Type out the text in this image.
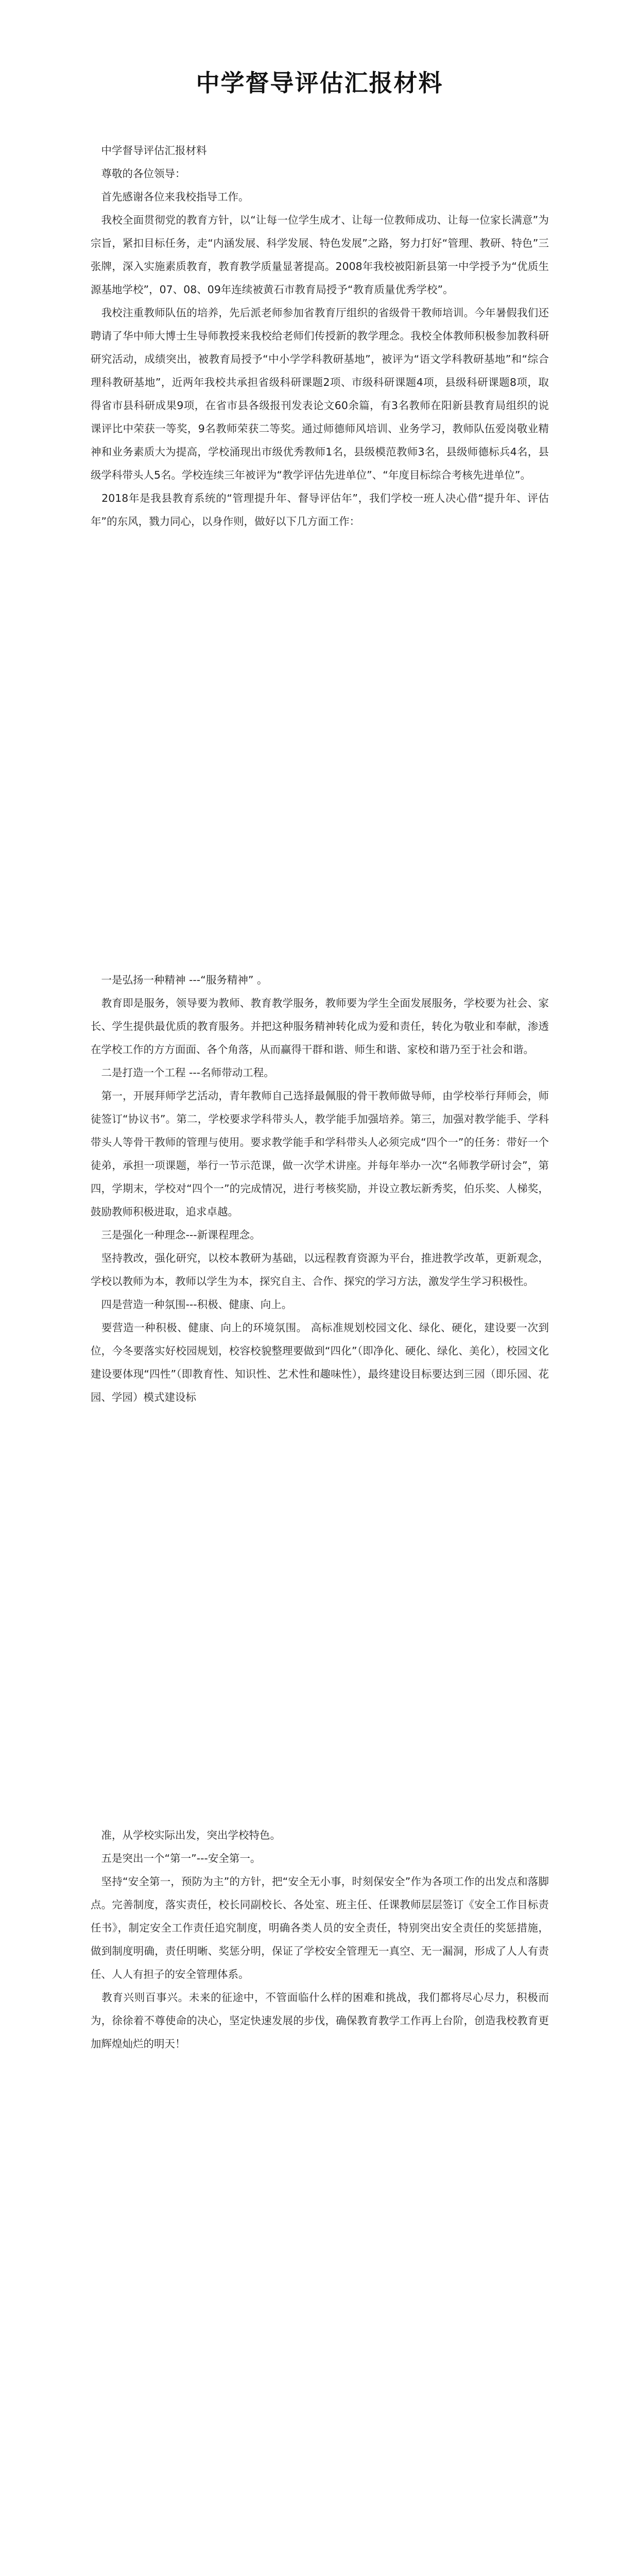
中学督导评估汇报材料

　中学督导评估汇报材料

　尊敬的各位领导：

　首先感谢各位来我校指导工作。

　我校全面贯彻党的教育方针，以“让每一位学生成才、让每一位教师成功、让每一位家长满意”为宗旨，紧扣目标任务，走“内涵发展、科学发展、特色发展”之路，努力打好“管理、教研、特色”三张牌，深入实施素质教育，教育教学质量显著提高。2008年我校被阳新县第一中学授予为“优质生源基地学校”，07、08、09年连续被黄石市教育局授予“教育质量优秀学校”。

　我校注重教师队伍的培养，先后派老师参加省教育厅组织的省级骨干教师培训。今年暑假我们还聘请了华中师大博士生导师教授来我校给老师们传授新的教学理念。我校全体教师积极参加教科研研究活动，成绩突出，被教育局授予“中小学学科教研基地”，被评为“语文学科教研基地”和“综合理科教研基地”，近两年我校共承担省级科研课题2项、市级科研课题4项，县级科研课题8项，取得省市县科研成果9项，在省市县各级报刊发表论文60余篇，有3名教师在阳新县教育局组织的说课评比中荣获一等奖，9名教师荣获二等奖。通过师德师风培训、业务学习，教师队伍爱岗敬业精神和业务素质大为提高，学校涌现出市级优秀教师1名，县级模范教师3名，县级师德标兵4名，县级学科带头人5名。学校连续三年被评为“教学评估先进单位”、“年度目标综合考核先进单位”。

　2018年是我县教育系统的“管理提升年、督导评估年”，我们学校一班人决心借“提升年、评估年”的东风，戮力同心，以身作则，做好以下几方面工作：

　一是弘扬一种精神 ---“服务精神” 。

　教育即是服务，领导要为教师、教育教学服务，教师要为学生全面发展服务，学校要为社会、家长、学生提供最优质的教育服务。并把这种服务精神转化成为爱和责任，转化为敬业和奉献，渗透在学校工作的方方面面、各个角落，从而赢得干群和谐、师生和谐、家校和谐乃至于社会和谐。

　二是打造一个工程 ---名师带动工程。

　第一，开展拜师学艺活动，青年教师自己选择最佩服的骨干教师做导师，由学校举行拜师会，师徒签订“协议书”。第二，学校要求学科带头人，教学能手加强培养。第三，加强对教学能手、学科带头人等骨干教师的管理与使用。要求教学能手和学科带头人必须完成“四个一”的任务：带好一个徒弟，承担一项课题，举行一节示范课，做一次学术讲座。并每年举办一次“名师教学研讨会”，第四，学期末，学校对“四个一”的完成情况，进行考核奖励，并设立教坛新秀奖，伯乐奖、人梯奖，鼓励教师积极进取，追求卓越。

　三是强化一种理念---新课程理念。

　坚持教改，强化研究，以校本教研为基础，以远程教育资源为平台，推进教学改革，更新观念，学校以教师为本，教师以学生为本，探究自主、合作、探究的学习方法，激发学生学习积极性。

　四是营造一种氛围---积极、健康、向上。

　要营造一种积极、健康、向上的环境氛围。 高标准规划校园文化、绿化、硬化，建设要一次到位，今冬要落实好校园规划，校容校貌整理要做到“四化”（即净化、硬化、绿化、美化），校园文化建设要体现“四性”（即教育性、知识性、艺术性和趣味性），最终建设目标要达到三园（即乐园、花园、学园）模式建设标

　准，从学校实际出发，突出学校特色。

　五是突出一个“第一”---安全第一。

　坚持“安全第一，预防为主”的方针，把“安全无小事，时刻保安全”作为各项工作的出发点和落脚点。完善制度，落实责任，校长同副校长、各处室、班主任、任课教师层层签订《安全工作目标责任书》，制定安全工作责任追究制度，明确各类人员的安全责任，特别突出安全责任的奖惩措施，做到制度明确，责任明晰、奖惩分明，保证了学校安全管理无一真空、无一漏洞，形成了人人有责任、人人有担子的安全管理体系。

　教育兴则百事兴。未来的征途中，不管面临什么样的困难和挑战，我们都将尽心尽力，积极而为，徐徐着不尊使命的决心，坚定快速发展的步伐，确保教育教学工作再上台阶，创造我校教育更加辉煌灿烂的明天！
